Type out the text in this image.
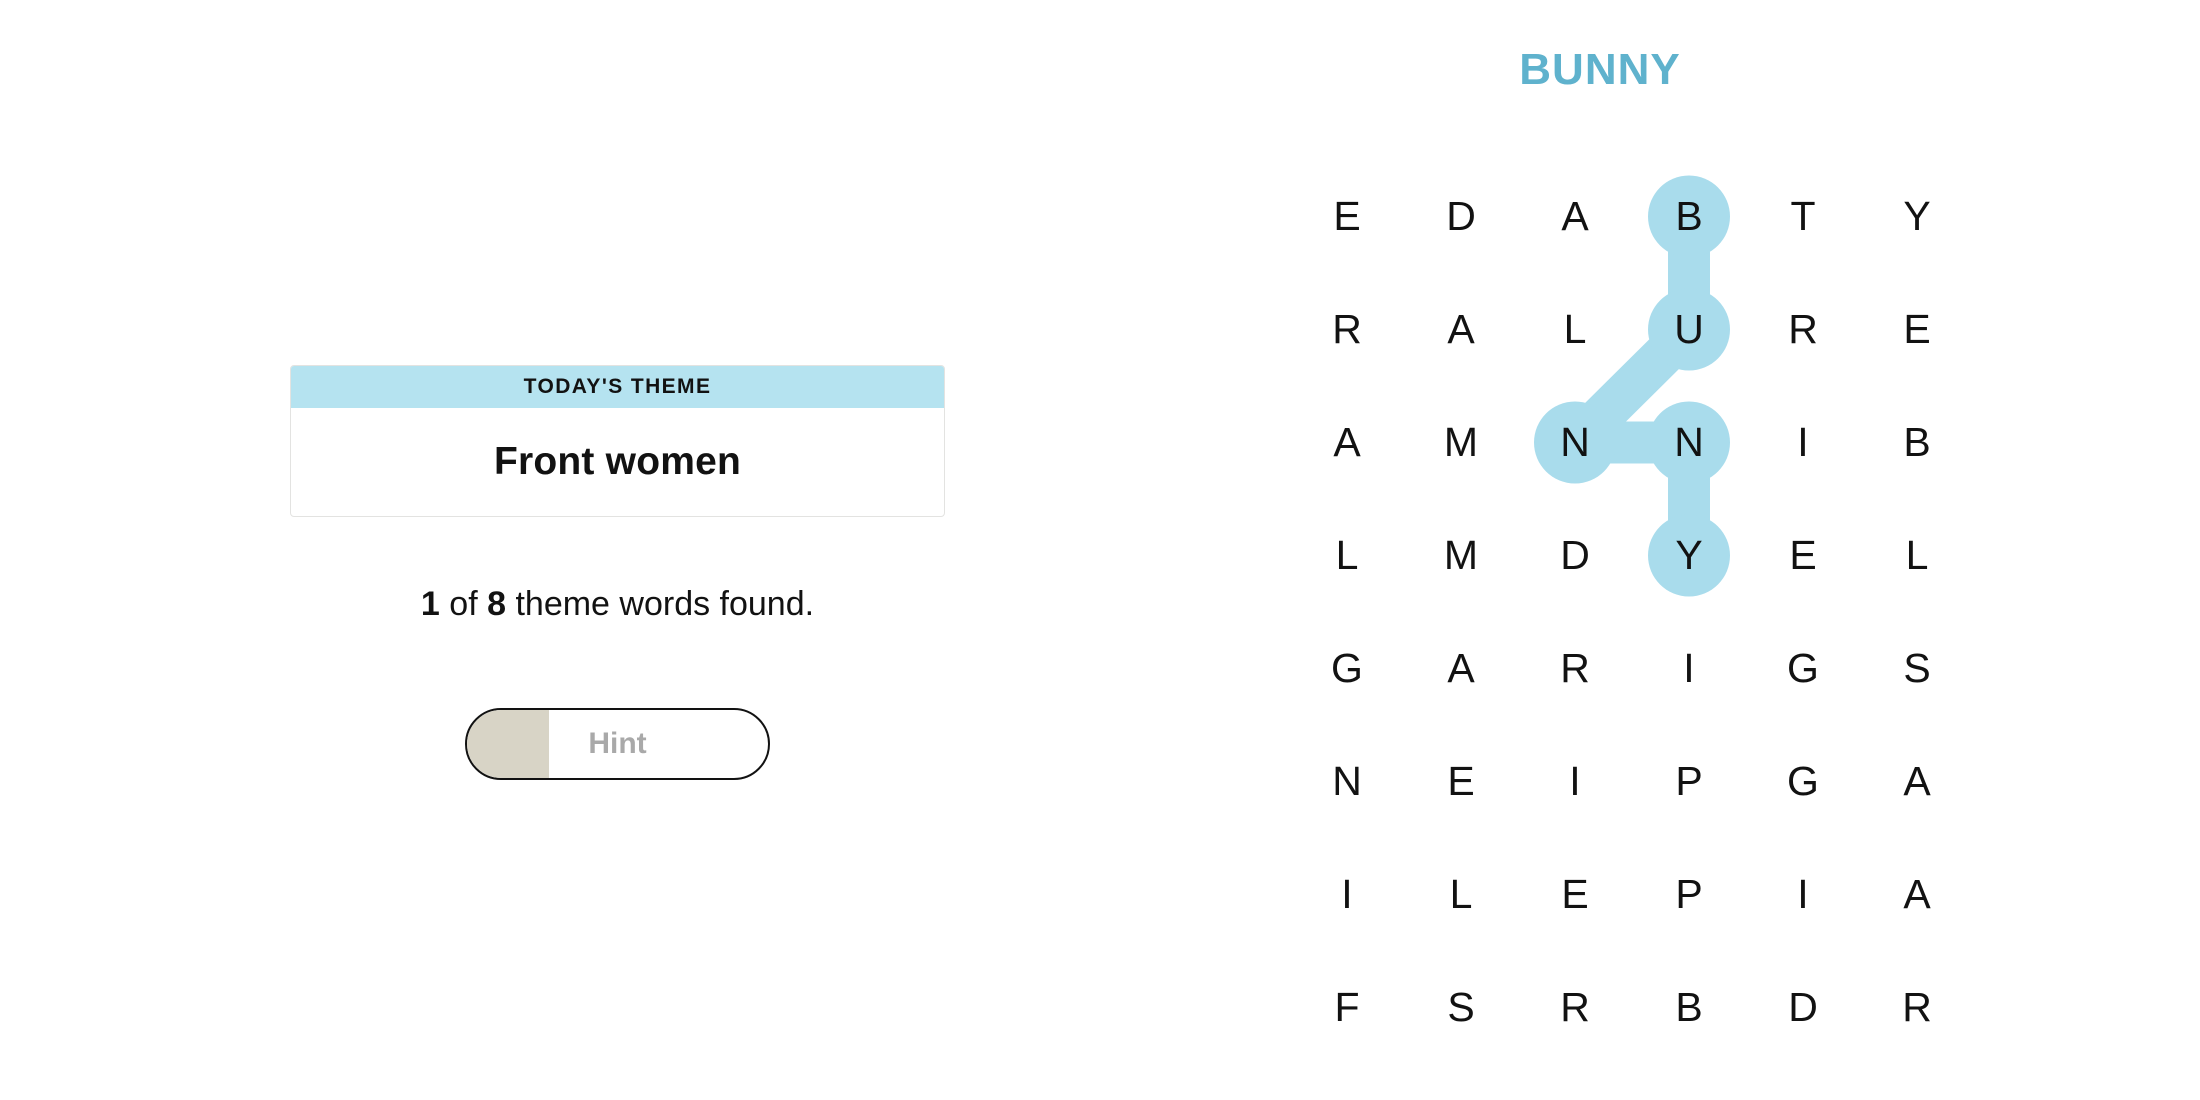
TODAY'S THEME
Front women
1 of 8 theme words found.
Hint
BUNNY
E	D	A	B	T	Y
R	A	L	U	R	E
A	M	N	N	I	B
L	M	D	Y	E	L
G	A	R	I	G	S
N	E	I	P	G	A
I	L	E	P	I	A
F	S	R	B	D	R
